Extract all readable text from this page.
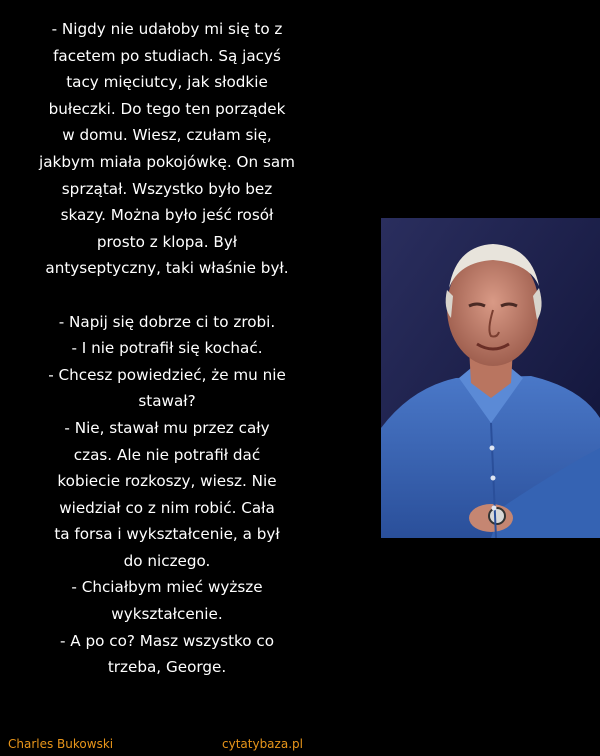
- Nigdy nie udałoby mi się to z
facetem po studiach. Są jacyś
tacy mięciutcy, jak słodkie
bułeczki. Do tego ten porządek
w domu. Wiesz, czułam się,
jakbym miała pokojówkę. On sam
sprzątał. Wszystko było bez
skazy. Można było jeść rosół
prosto z klopa. Był
antyseptyczny, taki właśnie był.
- Napij się dobrze ci to zrobi.
- I nie potrafił się kochać.
- Chcesz powiedzieć, że mu nie
stawał?
- Nie, stawał mu przez cały
czas. Ale nie potrafił dać
kobiecie rozkoszy, wiesz. Nie
wiedział co z nim robić. Cała
ta forsa i wykształcenie, a był
do niczego.
- Chciałbym mieć wyższe
wykształcenie.
- A po co? Masz wszystko co
trzeba, George.
Charles Bukowski	cytatybaza.pl
